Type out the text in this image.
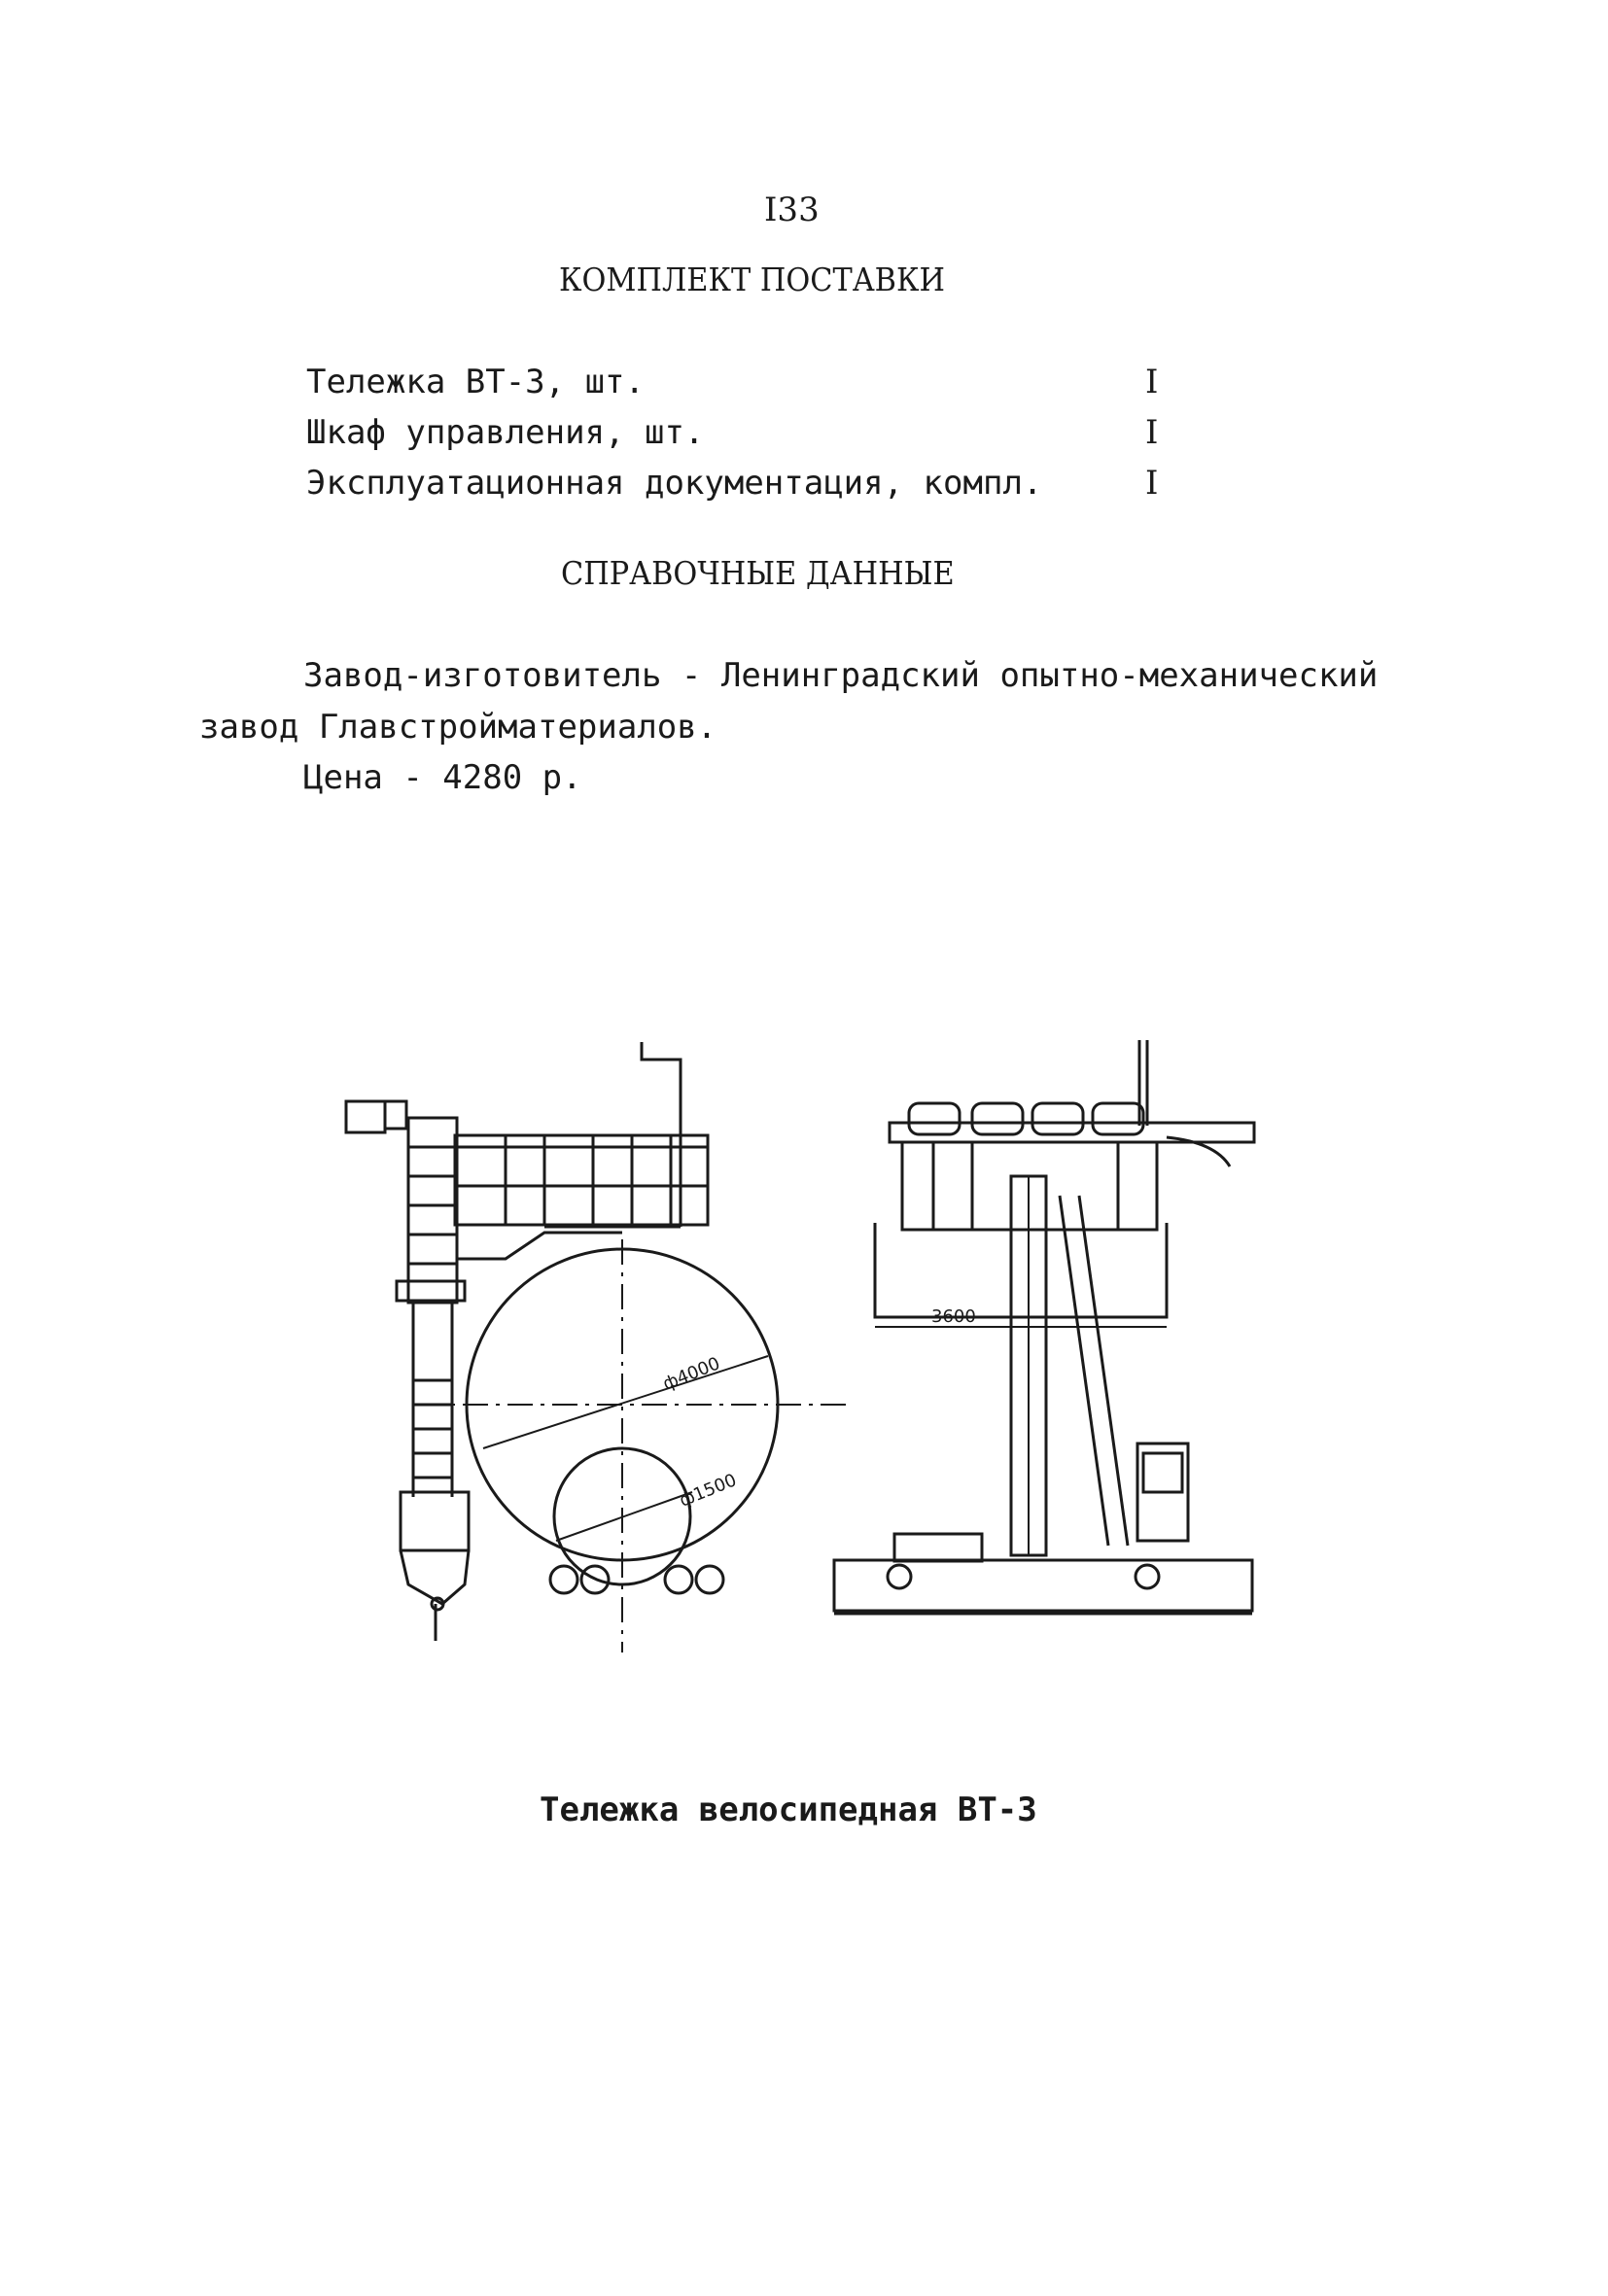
I33
КОМПЛЕКТ ПОСТАВКИ
Тележка ВТ-3, шт.	I
Шкаф управления, шт.	I
Эксплуатационная документация, компл.	I
СПРАВОЧНЫЕ ДАННЫЕ
Завод-изготовитель - Ленинградский опытно-механический
завод Главстройматериалов.
Цена - 4280 р.
ф4000
ф1500
3600
Тележка велосипедная ВТ-3
